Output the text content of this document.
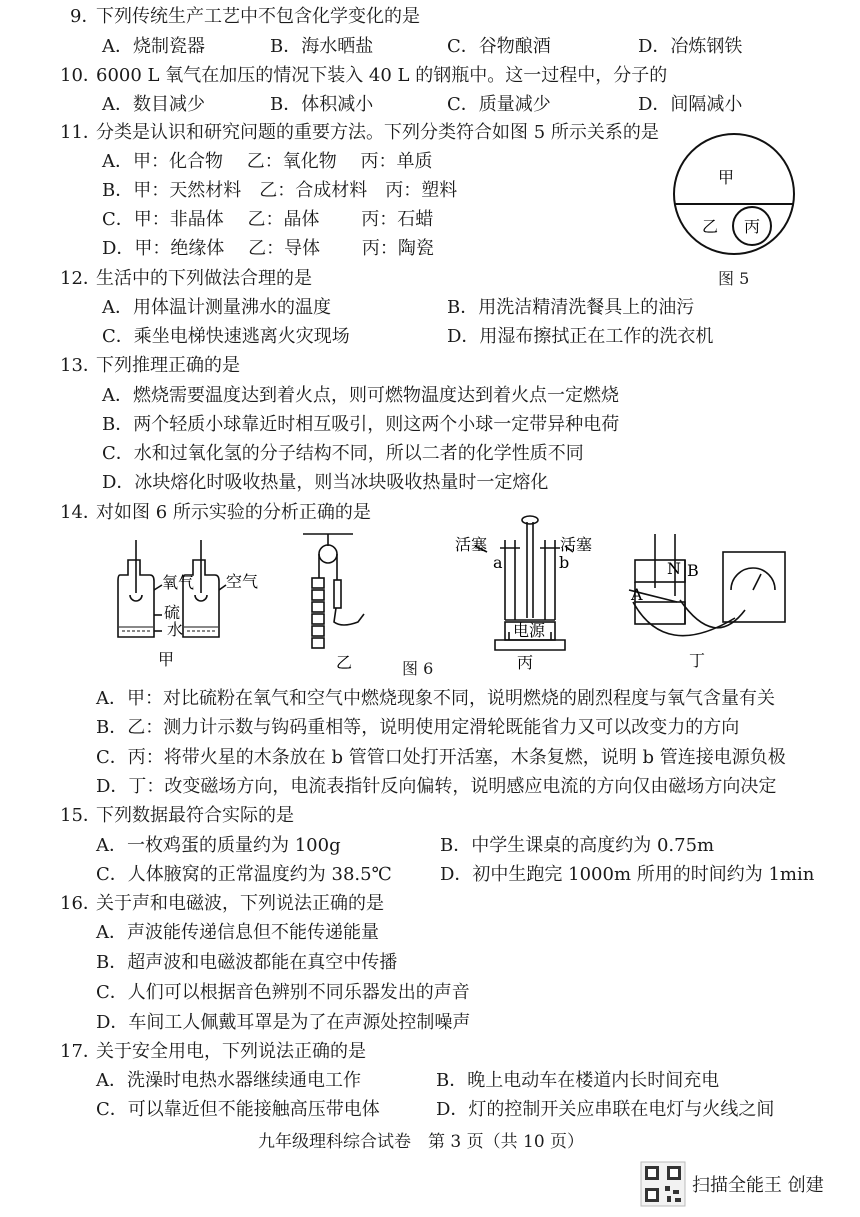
9．
下列传统生产工艺中不包含化学变化的是
A．烧制瓷器	B．海水晒盐	C．谷物酿酒	D．冶炼钢铁
10．
6000 L 氧气在加压的情况下装入 40 L 的钢瓶中。这一过程中，分子的
A．数目减少	B．体积减小	C．质量减少	D．间隔减小
11．
分类是认识和研究问题的重要方法。下列分类符合如图 5 所示关系的是
A．甲：化合物　 乙：氧化物　 丙：单质
B．甲：天然材料　乙：合成材料　丙：塑料
C．甲：非晶体　 乙：晶体　　 丙：石蜡
D．甲：绝缘体　 乙：导体　　 丙：陶瓷
甲
乙 丙
图 5
12．
生活中的下列做法合理的是
A．用体温计测量沸水的温度	B．用洗洁精清洗餐具上的油污
C．乘坐电梯快速逃离火灾现场	D．用湿布擦拭正在工作的洗衣机
13．
下列推理正确的是
A．燃烧需要温度达到着火点，则可燃物温度达到着火点一定燃烧
B．两个轻质小球靠近时相互吸引，则这两个小球一定带异种电荷
C．水和过氧化氢的分子结构不同，所以二者的化学性质不同
D．冰块熔化时吸收热量，则当冰块吸收热量时一定熔化
14．
对如图 6 所示实验的分析正确的是
氧气 空气
硫
水
甲	乙
活塞	活塞
a	b
电源
丙
N
A
B
丁
图 6
A．甲：对比硫粉在氧气和空气中燃烧现象不同，说明燃烧的剧烈程度与氧气含量有关
B．乙：测力计示数与钩码重相等，说明使用定滑轮既能省力又可以改变力的方向
C．丙：将带火星的木条放在 b 管管口处打开活塞，木条复燃，说明 b 管连接电源负极
D．丁：改变磁场方向，电流表指针反向偏转，说明感应电流的方向仅由磁场方向决定
15．
下列数据最符合实际的是
A．一枚鸡蛋的质量约为 100g	B．中学生课桌的高度约为 0.75m
C．人体腋窝的正常温度约为 38.5℃	D．初中生跑完 1000m 所用的时间约为 1min
16．
关于声和电磁波，下列说法正确的是
A．声波能传递信息但不能传递能量
B．超声波和电磁波都能在真空中传播
C．人们可以根据音色辨别不同乐器发出的声音
D．车间工人佩戴耳罩是为了在声源处控制噪声
17．
关于安全用电，下列说法正确的是
A．洗澡时电热水器继续通电工作	B．晚上电动车在楼道内长时间充电
C．可以靠近但不能接触高压带电体	D．灯的控制开关应串联在电灯与火线之间
九年级理科综合试卷　第 3 页（共 10 页）
扫描全能王 创建
